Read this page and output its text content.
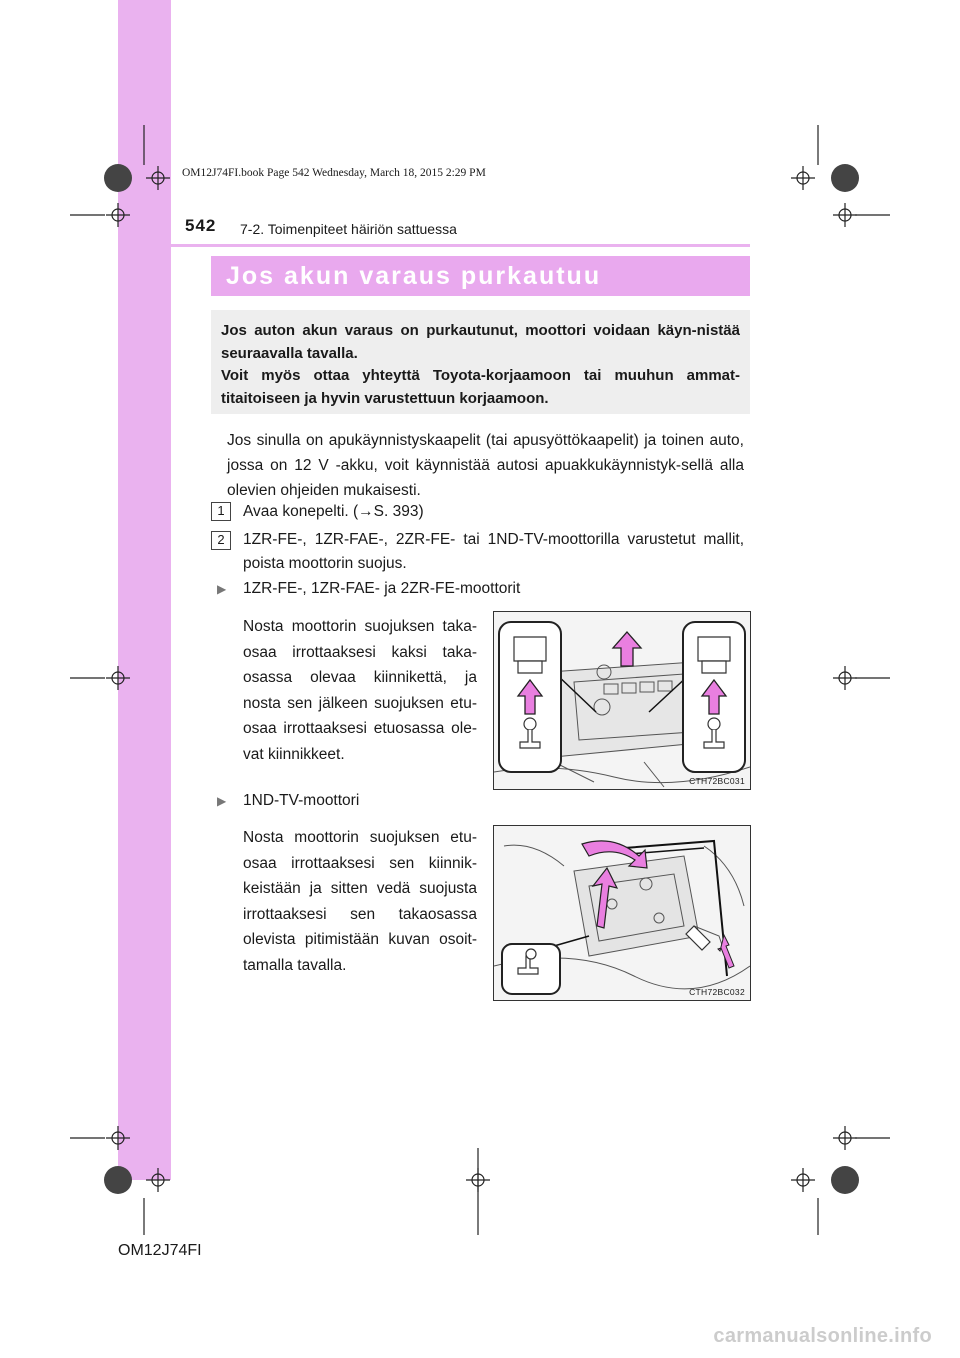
OM12J74FI.book Page 542 Wednesday, March 18, 2015 2:29 PM
542 7-2. Toimenpiteet häiriön sattuessa
Jos akun varaus purkautuu

Jos auton akun varaus on purkautunut, moottori voidaan käyn-nistää seuraavalla tavalla.

Voit myös ottaa yhteyttä Toyota-korjaamoon tai muuhun ammat-titaitoiseen ja hyvin varustettuun korjaamoon.

Jos sinulla on apukäynnistyskaapelit (tai apusyöttökaapelit) ja toinen auto, jossa on 12 V -akku, voit käynnistää autosi apuakkukäynnistyk-sellä alla olevien ohjeiden mukaisesti.
1	Avaa konepelti. (→S. 393)
2	1ZR-FE-, 1ZR-FAE-, 2ZR-FE- tai 1ND-TV-moottorilla varustetut mallit, poista moottorin suojus.
▶ 1ZR-FE-, 1ZR-FAE- ja 2ZR-FE-moottorit
Nosta moottorin suojuksen taka-osaa irrottaaksesi kaksi taka-osassa olevaa kiinnikettä, ja nosta sen jälkeen suojuksen etu-osaa irrottaaksesi etuosassa ole-vat kiinnikkeet.
CTH72BC031
▶ 1ND-TV-moottori
Nosta moottorin suojuksen etu-osaa irrottaaksesi sen kiinnik-keistään ja sitten vedä suojusta irrottaaksesi sen takaosassa olevista pitimistään kuvan osoit-tamalla tavalla.
CTH72BC032
OM12J74FI
carmanualsonline.info
